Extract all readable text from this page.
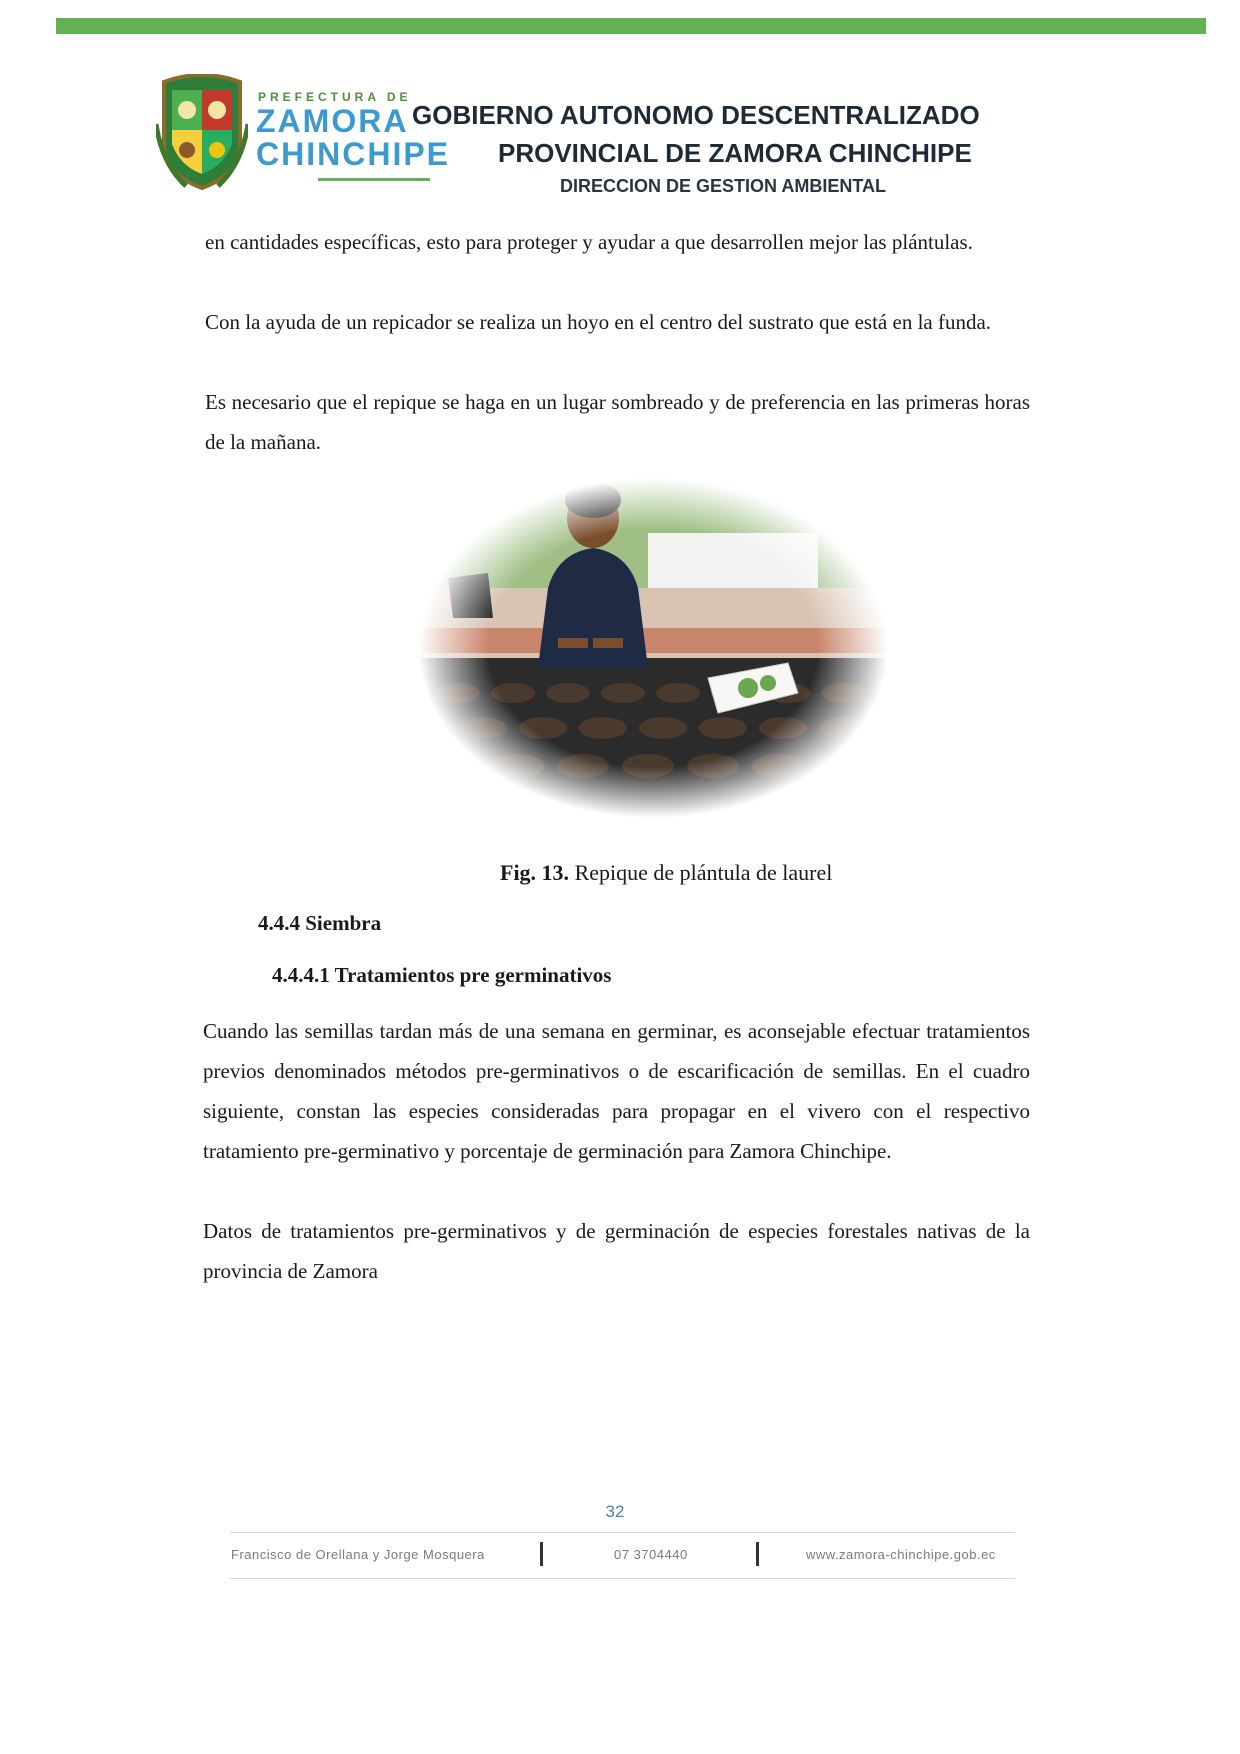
PREFECTURA DE
ZAMORA
CHINCHIPE
GOBIERNO AUTONOMO DESCENTRALIZADO
PROVINCIAL DE ZAMORA CHINCHIPE
DIRECCION DE GESTION AMBIENTAL

en cantidades específicas, esto para proteger y ayudar a que desarrollen mejor las plántulas.

Con la ayuda de un repicador se realiza un hoyo en el centro del sustrato que está en la funda.

Es necesario que el repique se haga en un lugar sombreado y de preferencia en las primeras horas de la mañana.

Fig. 13. Repique de plántula de laurel
4.4.4 Siembra
4.4.4.1 Tratamientos pre germinativos

Cuando las semillas tardan más de una semana en germinar, es aconsejable efectuar tratamientos previos denominados métodos pre-germinativos o de escarificación de semillas. En el cuadro siguiente, constan las especies consideradas para propagar en el vivero con el respectivo tratamiento pre-germinativo y porcentaje de germinación para Zamora Chinchipe.

Datos de tratamientos pre-germinativos y de germinación de especies forestales nativas de la provincia de Zamora

32
Francisco de Orellana y Jorge Mosquera	07 3704440	www.zamora-chinchipe.gob.ec
